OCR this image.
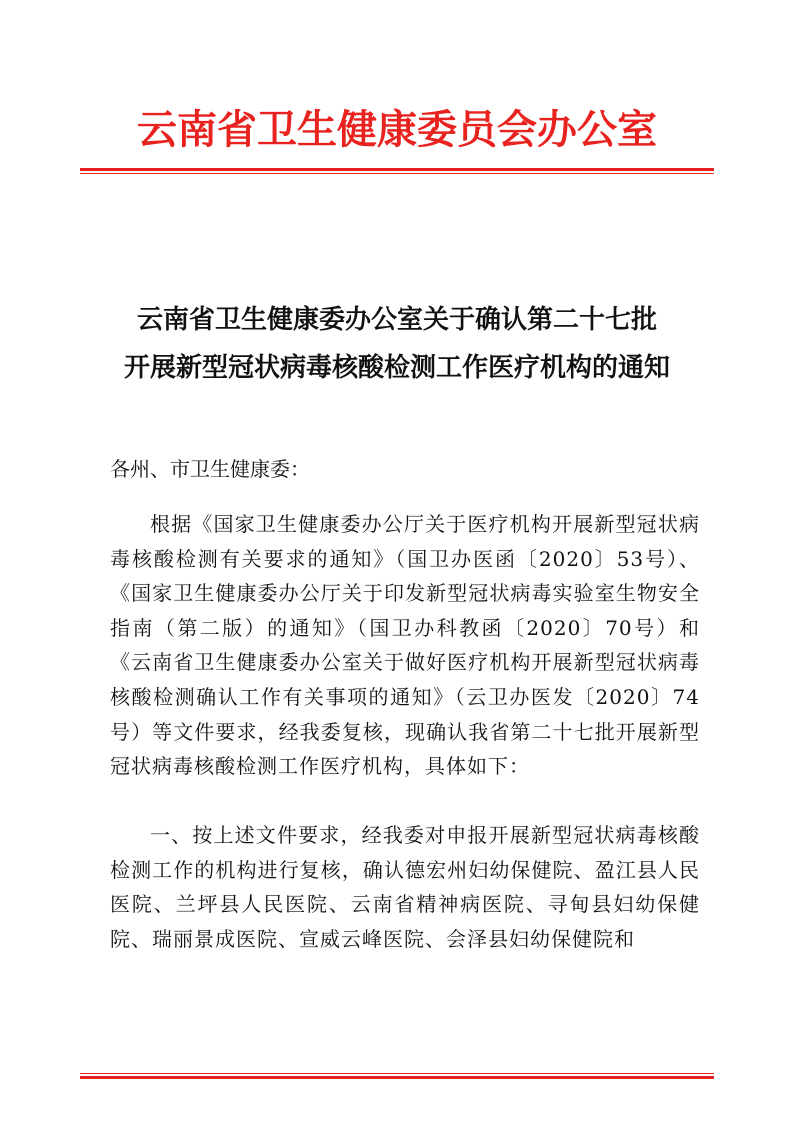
云南省卫生健康委员会办公室
云南省卫生健康委办公室关于确认第二十七批
开展新型冠状病毒核酸检测工作医疗机构的通知
各州、市卫生健康委：
根据《国家卫生健康委办公厅关于医疗机构开展新型冠状病毒核酸检测有关要求的通知》（国卫办医函〔2020〕53号）、《国家卫生健康委办公厅关于印发新型冠状病毒实验室生物安全指南（第二版）的通知》（国卫办科教函〔2020〕70号）和《云南省卫生健康委办公室关于做好医疗机构开展新型冠状病毒核酸检测确认工作有关事项的通知》（云卫办医发〔2020〕74号）等文件要求，经我委复核，现确认我省第二十七批开展新型冠状病毒核酸检测工作医疗机构，具体如下：
一、按上述文件要求，经我委对申报开展新型冠状病毒核酸检测工作的机构进行复核，确认德宏州妇幼保健院、盈江县人民医院、兰坪县人民医院、云南省精神病医院、寻甸县妇幼保健院、瑞丽景成医院、宣威云峰医院、会泽县妇幼保健院和
